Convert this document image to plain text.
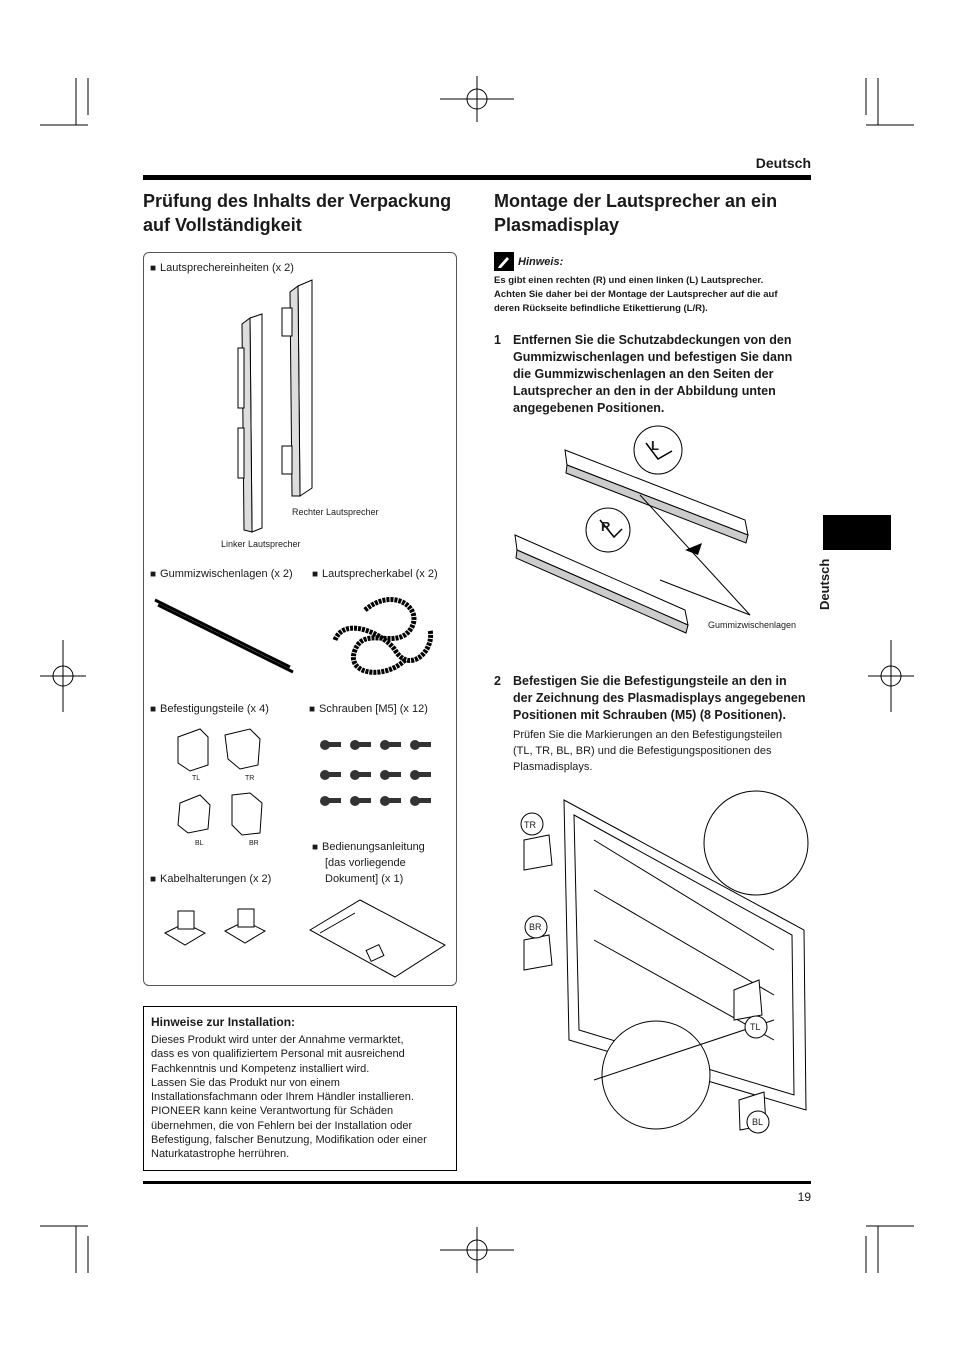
Deutsch
Deutsch
Prüfung des Inhalts der Verpackung auf Vollständigkeit
■ Lautsprechereinheiten (x 2)
Rechter Lautsprecher
Linker Lautsprecher
■ Gummizwischenlagen (x 2)	■ Lautsprecherkabel (x 2)
■ Befestigungsteile (x 4)	■ Schrauben [M5] (x 12)
TL	TR
BL	BR	■ Bedienungsanleitung
[das vorliegende
Dokument] (x 1)
■ Kabelhalterungen (x 2)
Hinweise zur Installation:
Dieses Produkt wird unter der Annahme vermarktet,
dass es von qualifiziertem Personal mit ausreichend
Fachkenntnis und Kompetenz installiert wird.
Lassen Sie das Produkt nur von einem
Installationsfachmann oder Ihrem Händler installieren.
PIONEER kann keine Verantwortung für Schäden
übernehmen, die von Fehlern bei der Installation oder
Befestigung, falscher Benutzung, Modifikation oder einer
Naturkatastrophe herrühren.
Montage der Lautsprecher an ein Plasmadisplay
Hinweis:
Es gibt einen rechten (R) und einen linken (L) Lautsprecher.
Achten Sie daher bei der Montage der Lautsprecher auf die auf
deren Rückseite befindliche Etikettierung (L/R).
1 Entfernen Sie die Schutzabdeckungen von den
Gummizwischenlagen und befestigen Sie dann
die Gummizwischenlagen an den Seiten der
Lautsprecher an den in der Abbildung unten
angegebenen Positionen.
Gummizwischenlagen
L
R
2 Befestigen Sie die Befestigungsteile an den in
der Zeichnung des Plasmadisplays angegebenen
Positionen mit Schrauben (M5) (8 Positionen).
Prüfen Sie die Markierungen an den Befestigungsteilen
(TL, TR, BL, BR) und die Befestigungspositionen des
Plasmadisplays.
TR
BR
TL
BL
19
